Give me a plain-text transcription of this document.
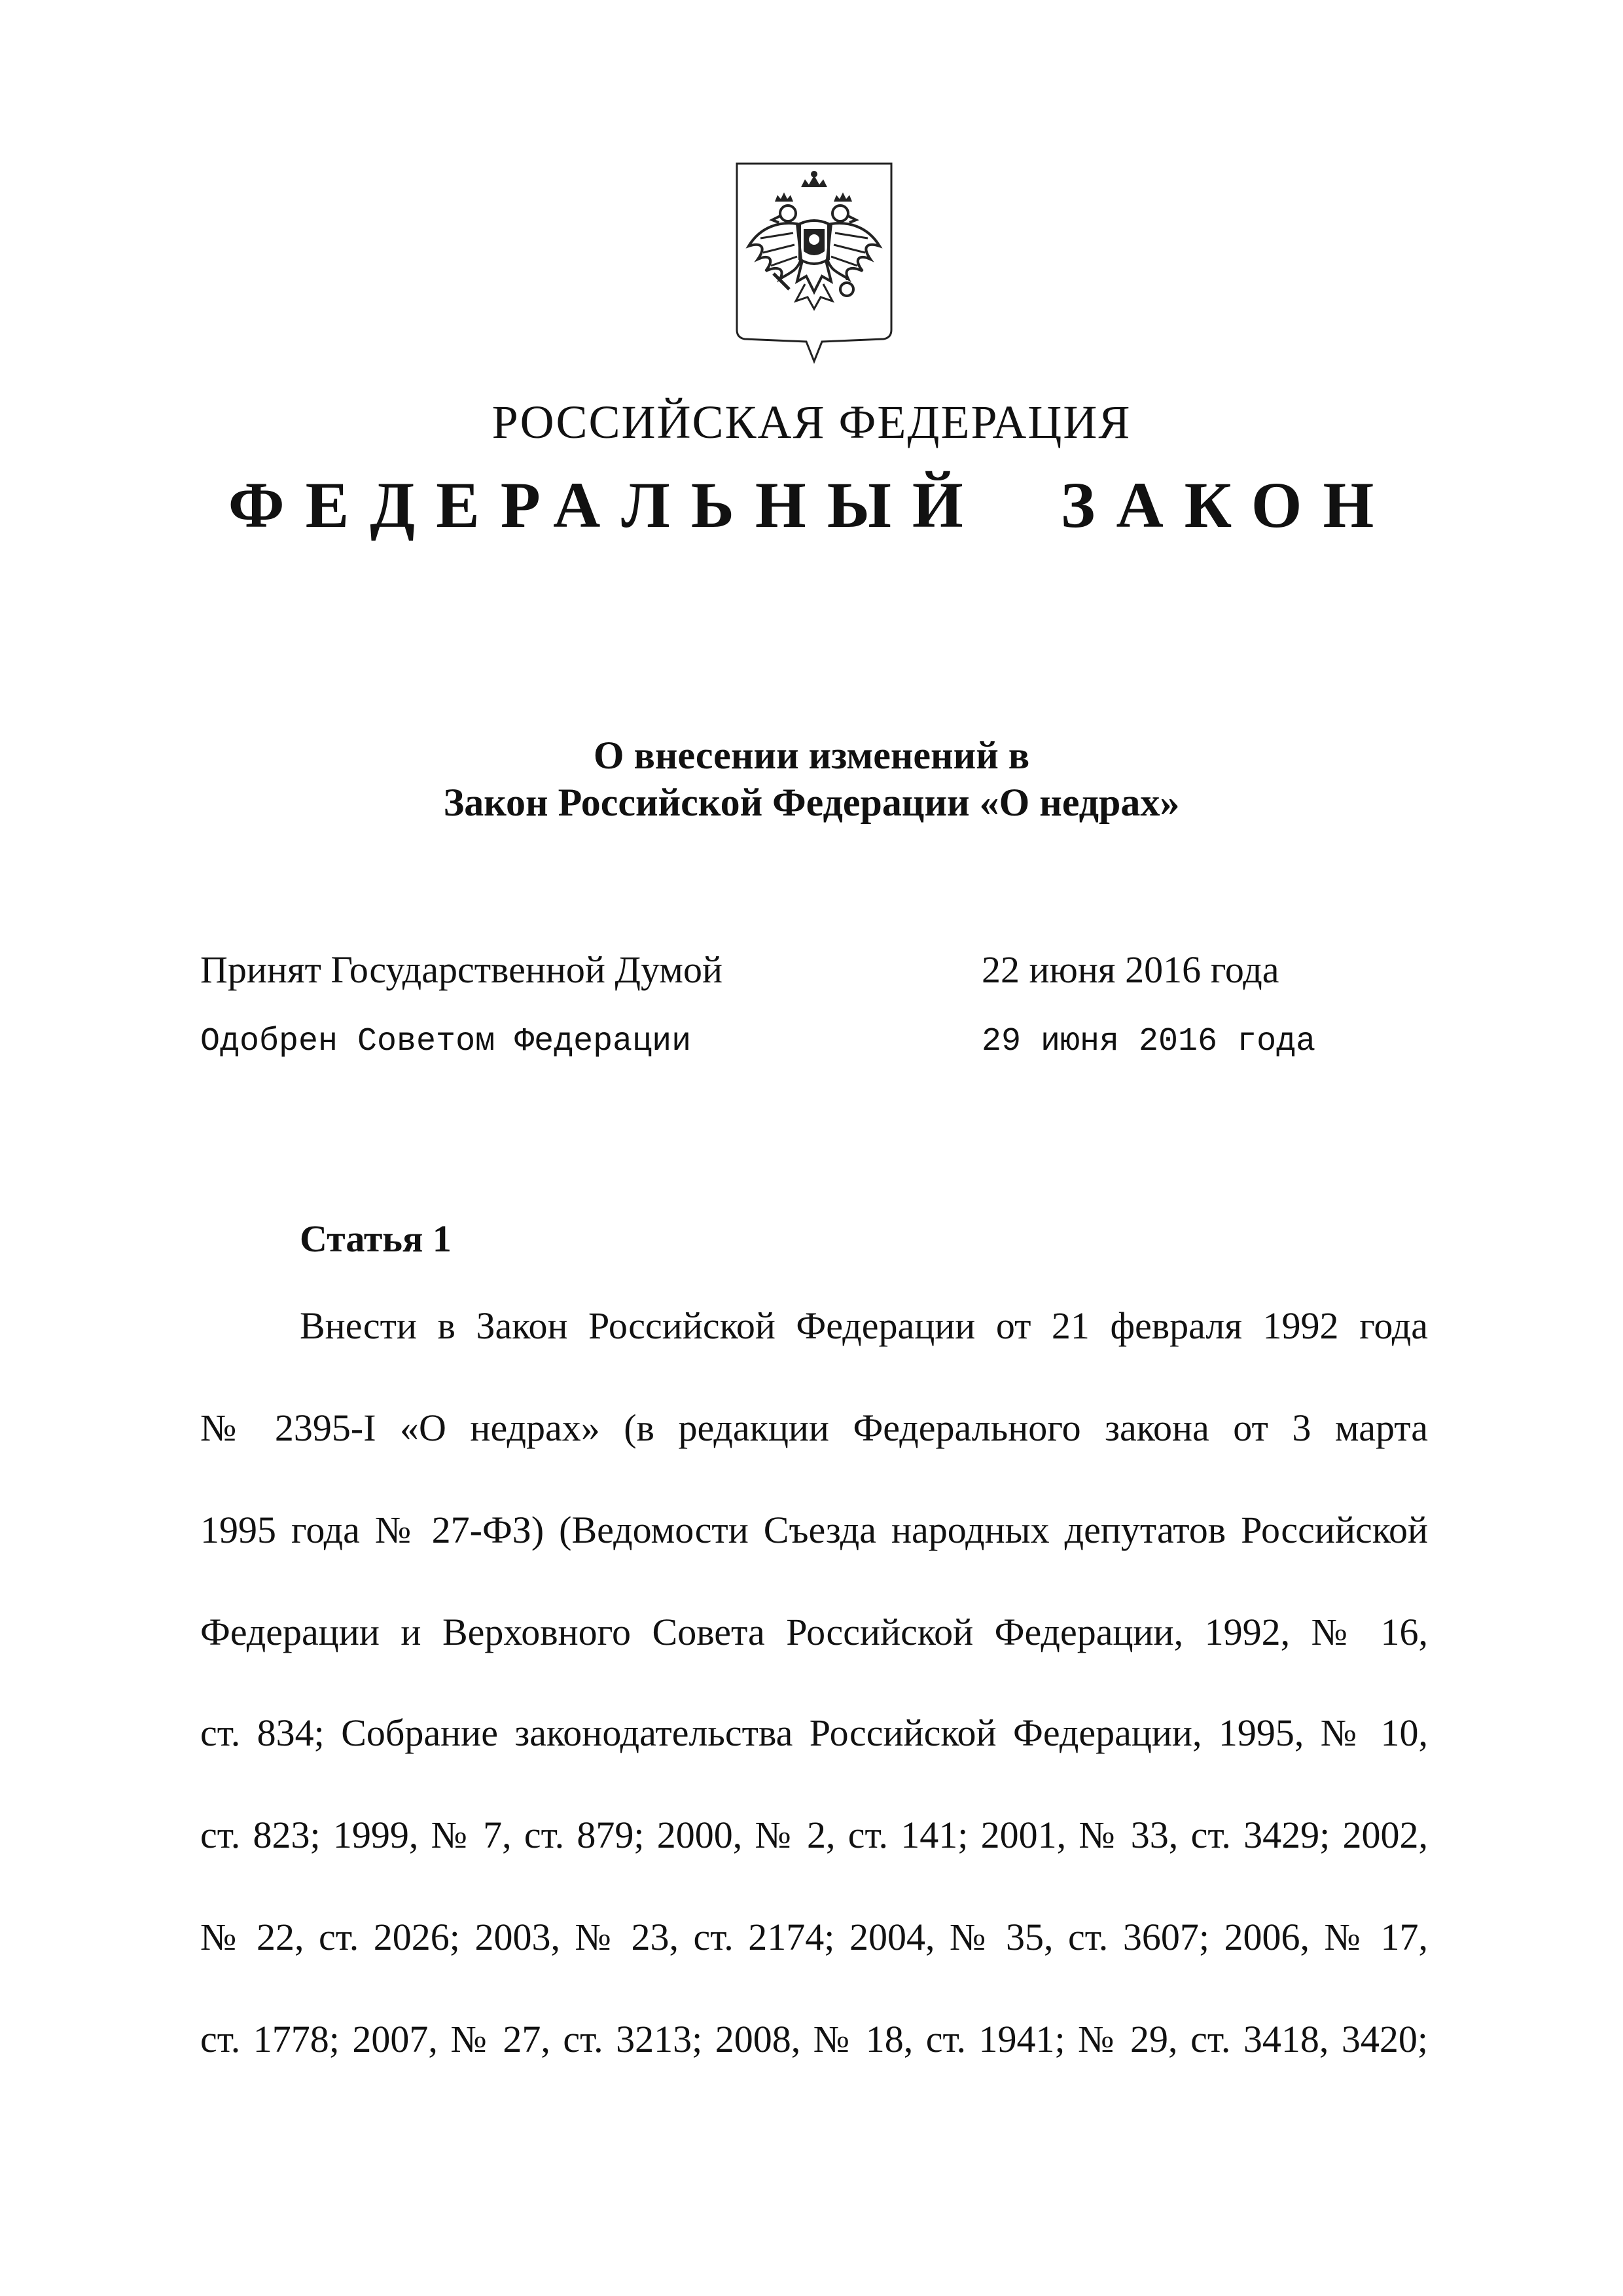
РОССИЙСКАЯ ФЕДЕРАЦИЯ
ФЕДЕРАЛЬНЫЙ ЗАКОН
О внесении изменений в
Закон Российской Федерации «О недрах»
Принят Государственной Думой	22 июня 2016 года
Одобрен Советом Федерации	29 июня 2016 года
Статья 1
Внести в Закон Российской Федерации от 21 февраля 1992 года
№ 2395-I «О недрах» (в редакции Федерального закона от 3 марта
1995 года № 27-ФЗ) (Ведомости Съезда народных депутатов Российской
Федерации и Верховного Совета Российской Федерации, 1992, № 16,
ст. 834; Собрание законодательства Российской Федерации, 1995, № 10,
ст. 823; 1999, № 7, ст. 879; 2000, № 2, ст. 141; 2001, № 33, ст. 3429; 2002,
№ 22, ст. 2026; 2003, № 23, ст. 2174; 2004, № 35, ст. 3607; 2006, № 17,
ст. 1778; 2007, № 27, ст. 3213; 2008, № 18, ст. 1941; № 29, ст. 3418, 3420;
